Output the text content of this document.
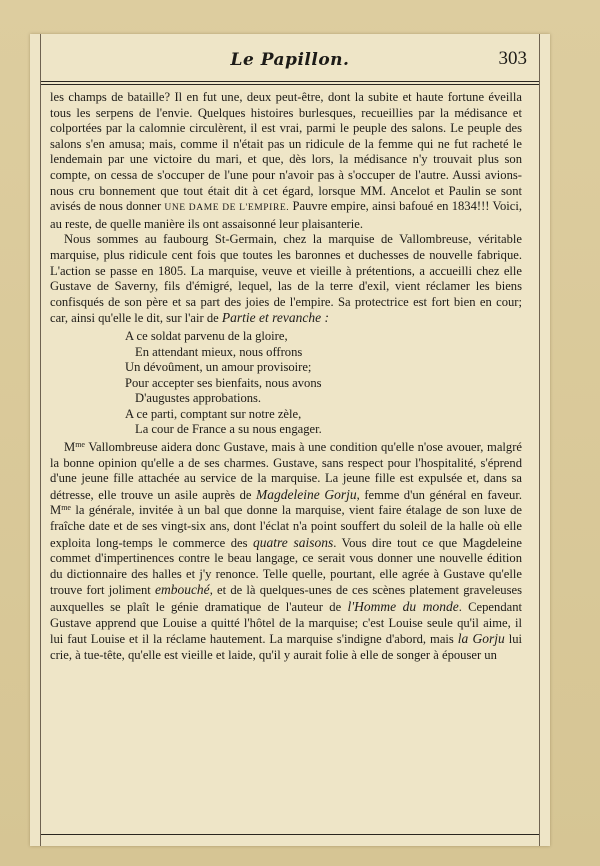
Le Papillon.	303

les champs de bataille? Il en fut une, deux peut-être, dont la subite et haute fortune éveilla tous les serpens de l'envie. Quelques histoires burlesques, recueillies par la médisance et colportées par la calomnie circulèrent, il est vrai, parmi le peuple des salons. Le peuple des salons s'en amusa; mais, comme il n'était pas un ridicule de la femme qui ne fut racheté le lendemain par une victoire du mari, et que, dès lors, la médisance n'y trouvait plus son compte, on cessa de s'occuper de l'une pour n'avoir pas à s'occuper de l'autre. Aussi avions-nous cru bonnement que tout était dit à cet égard, lorsque MM. Ancelot et Paulin se sont avisés de nous donner UNE DAME DE L'EMPIRE. Pauvre empire, ainsi bafoué en 1834!!! Voici, au reste, de quelle manière ils ont assaisonné leur plaisanterie.

Nous sommes au faubourg St-Germain, chez la marquise de Vallombreuse, véritable marquise, plus ridicule cent fois que toutes les baronnes et duchesses de nouvelle fabrique. L'action se passe en 1805. La marquise, veuve et vieille à prétentions, a accueilli chez elle Gustave de Saverny, fils d'émigré, lequel, las de la terre d'exil, vient réclamer les biens confisqués de son père et sa part des joies de l'empire. Sa protectrice est fort bien en cour; car, ainsi qu'elle le dit, sur l'air de Partie et revanche :

A ce soldat parvenu de la gloire,
En attendant mieux, nous offrons
Un dévoûment, un amour provisoire;
Pour accepter ses bienfaits, nous avons
D'augustes approbations.
A ce parti, comptant sur notre zèle,
La cour de France a su nous engager.

$M^{me}$ Vallombreuse aidera donc Gustave, mais à une condition qu'elle n'ose avouer, malgré la bonne opinion qu'elle a de ses charmes. Gustave, sans respect pour l'hospitalité, s'éprend d'une jeune fille attachée au service de la marquise. La jeune fille est expulsée et, dans sa détresse, elle trouve un asile auprès de Magdeleine Gorju, femme d'un général en faveur. $M^{me}$ la générale, invitée à un bal que donne la marquise, vient faire étalage de son luxe de fraîche date et de ses vingt-six ans, dont l'éclat n'a point souffert du soleil de la halle où elle exploita long-temps le commerce des quatre saisons. Vous dire tout ce que Magdeleine commet d'impertinences contre le beau langage, ce serait vous donner une nouvelle édition du dictionnaire des halles et j'y renonce. Telle quelle, pourtant, elle agrée à Gustave qu'elle trouve fort joliment embouché, et de là quelques-unes de ces scènes platement graveleuses auxquelles se plaît le génie dramatique de l'auteur de l'Homme du monde. Cependant Gustave apprend que Louise a quitté l'hôtel de la marquise; c'est Louise seule qu'il aime, il lui faut Louise et il la réclame hautement. La marquise s'indigne d'abord, mais la Gorju lui crie, à tue-tête, qu'elle est vieille et laide, qu'il y aurait folie à elle de songer à épouser un
